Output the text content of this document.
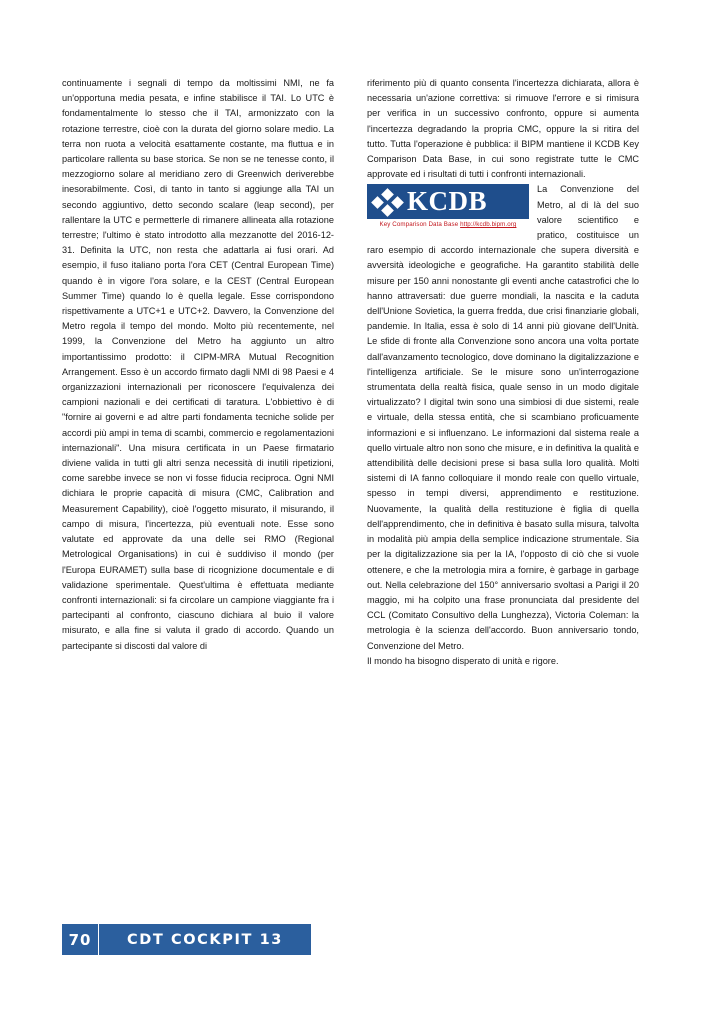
continuamente i segnali di tempo da moltissimi NMI, ne fa un'opportuna media pesata, e infine stabilisce il TAI. Lo UTC è fondamentalmente lo stesso che il TAI, armonizzato con la rotazione terrestre, cioè con la durata del giorno solare medio. La terra non ruota a velocità esattamente costante, ma fluttua e in particolare rallenta su base storica. Se non se ne tenesse conto, il mezzogiorno solare al meridiano zero di Greenwich deriverebbe inesorabilmente. Così, di tanto in tanto si aggiunge alla TAI un secondo aggiuntivo, detto secondo scalare (leap second), per rallentare la UTC e permetterle di rimanere allineata alla rotazione terrestre; l'ultimo è stato introdotto alla mezzanotte del 2016-12-31. Definita la UTC, non resta che adattarla ai fusi orari. Ad esempio, il fuso italiano porta l'ora CET (Central European Time) quando è in vigore l'ora solare, e la CEST (Central European Summer Time) quando lo è quella legale. Esse corrispondono rispettivamente a UTC+1 e UTC+2. Davvero, la Convenzione del Metro regola il tempo del mondo. Molto più recentemente, nel 1999, la Convenzione del Metro ha aggiunto un altro importantissimo prodotto: il CIPM-MRA Mutual Recognition Arrangement. Esso è un accordo firmato dagli NMI di 98 Paesi e 4 organizzazioni internazionali per riconoscere l'equivalenza dei campioni nazionali e dei certificati di taratura. L'obbiettivo è di "fornire ai governi e ad altre parti fondamenta tecniche solide per accordi più ampi in tema di scambi, commercio e regolamentazioni internazionali". Una misura certificata in un Paese firmatario diviene valida in tutti gli altri senza necessità di inutili ripetizioni, come sarebbe invece se non vi fosse fiducia reciproca. Ogni NMI dichiara le proprie capacità di misura (CMC, Calibration and Measurement Capability), cioè l'oggetto misurato, il misurando, il campo di misura, l'incertezza, più eventuali note. Esse sono valutate ed approvate da una delle sei RMO (Regional Metrological Organisations) in cui è suddiviso il mondo (per l'Europa EURAMET) sulla base di ricognizione documentale e di validazione sperimentale. Quest'ultima è effettuata mediante confronti internazionali: si fa circolare un campione viaggiante fra i partecipanti al confronto, ciascuno dichiara al buio il valore misurato, e alla fine si valuta il grado di accordo. Quando un partecipante si discosti dal valore di

riferimento più di quanto consenta l'incertezza dichiarata, allora è necessaria un'azione correttiva: si rimuove l'errore e si rimisura per verifica in un successivo confronto, oppure si aumenta l'incertezza degradando la propria CMC, oppure la si ritira del tutto. Tutta l'operazione è pubblica: il BIPM mantiene il KCDB Key Comparison Data Base, in cui sono registrate tutte le CMC approvate ed i risultati di tutti i confronti internazionali.

KCDB
Key Comparison Data Base http://kcdb.bipm.org

La Convenzione del Metro, al di là del suo valore scientifico e pratico, costituisce un raro esempio di accordo internazionale che supera diversità e avversità ideologiche e geografiche. Ha garantito stabilità delle misure per 150 anni nonostante gli eventi anche catastrofici che lo hanno attraversati: due guerre mondiali, la nascita e la caduta dell'Unione Sovietica, la guerra fredda, due crisi finanziarie globali, pandemie. In Italia, essa è solo di 14 anni più giovane dell'Unità. Le sfide di fronte alla Convenzione sono ancora una volta portate dall'avanzamento tecnologico, dove dominano la digitalizzazione e l'intelligenza artificiale. Se le misure sono un'interrogazione strumentata della realtà fisica, quale senso in un modo digitale virtualizzato? I digital twin sono una simbiosi di due sistemi, reale e virtuale, della stessa entità, che si scambiano proficuamente informazioni e si influenzano. Le informazioni dal sistema reale a quello virtuale altro non sono che misure, e in definitiva la qualità e attendibilità delle decisioni prese si basa sulla loro qualità. Molti sistemi di IA fanno colloquiare il mondo reale con quello virtuale, spesso in tempi diversi, apprendimento e restituzione. Nuovamente, la qualità della restituzione è figlia di quella dell'apprendimento, che in definitiva è basato sulla misura, talvolta in modalità più ampia della semplice indicazione strumentale. Sia per la digitalizzazione sia per la IA, l'opposto di ciò che si vuole ottenere, e che la metrologia mira a fornire, è garbage in garbage out. Nella celebrazione del 150° anniversario svoltasi a Parigi il 20 maggio, mi ha colpito una frase pronunciata dal presidente del CCL (Comitato Consultivo della Lunghezza), Victoria Coleman: la metrologia è la scienza dell'accordo. Buon anniversario tondo, Convenzione del Metro.

Il mondo ha bisogno disperato di unità e rigore.

70	CDT COCKPIT 13
